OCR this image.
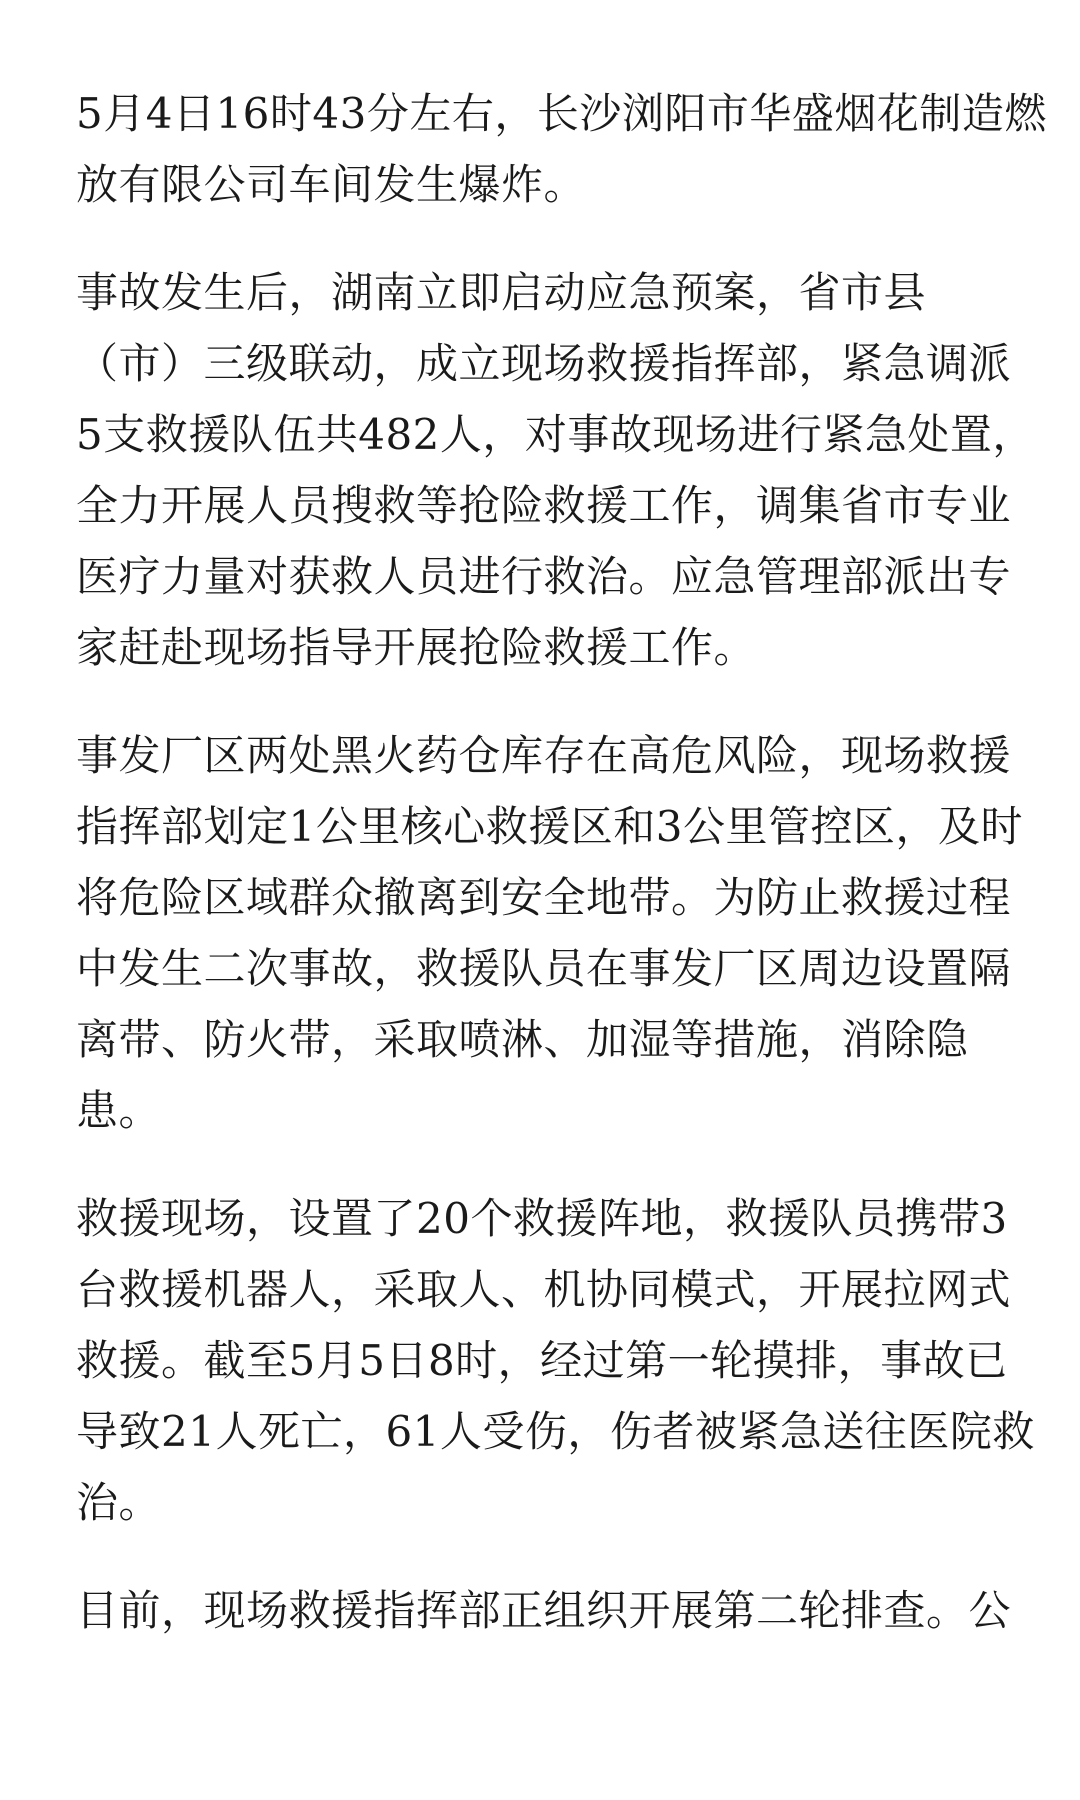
5月4日16时43分左右，长沙浏阳市华盛烟花制造燃
放有限公司车间发生爆炸。
事故发生后，湖南立即启动应急预案，省市县
（市）三级联动，成立现场救援指挥部，紧急调派
5支救援队伍共482人，对事故现场进行紧急处置，
全力开展人员搜救等抢险救援工作，调集省市专业
医疗力量对获救人员进行救治。应急管理部派出专
家赶赴现场指导开展抢险救援工作。
事发厂区两处黑火药仓库存在高危风险，现场救援
指挥部划定1公里核心救援区和3公里管控区，及时
将危险区域群众撤离到安全地带。为防止救援过程
中发生二次事故，救援队员在事发厂区周边设置隔
离带、防火带，采取喷淋、加湿等措施，消除隐
患。
救援现场，设置了20个救援阵地，救援队员携带3
台救援机器人，采取人、机协同模式，开展拉网式
救援。截至5月5日8时，经过第一轮摸排，事故已
导致21人死亡，61人受伤，伤者被紧急送往医院救
治。
目前，现场救援指挥部正组织开展第二轮排查。公
